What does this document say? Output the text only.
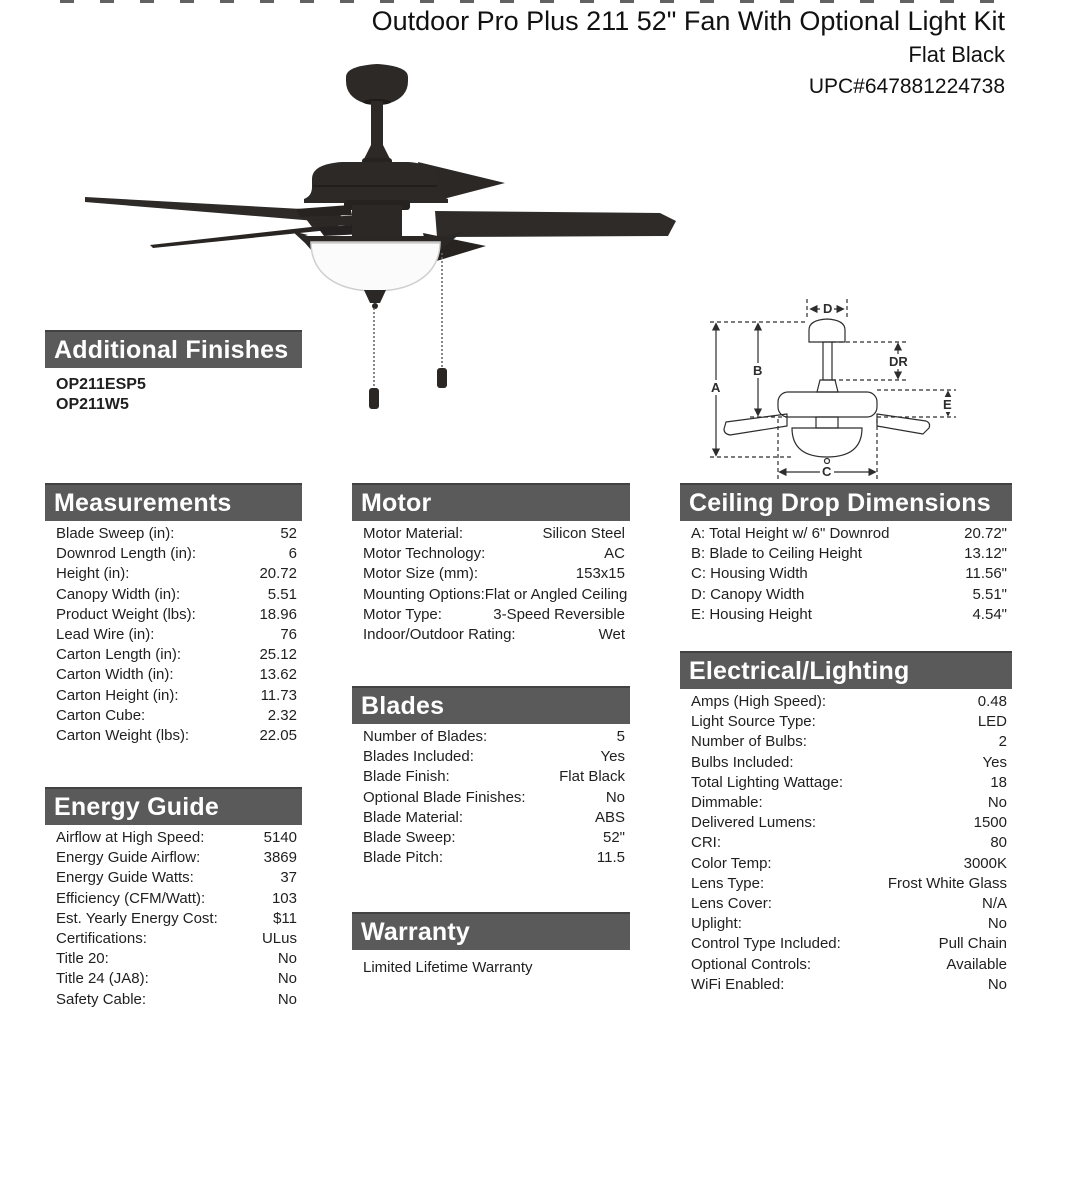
Outdoor Pro Plus 211 52" Fan With Optional Light Kit
Flat Black
UPC#647881224738
D
A
B
DR
E
C
Additional Finishes
OP211ESP5
OP211W5
Measurements
Blade Sweep (in):	52
Downrod Length (in):	6
Height (in):	20.72
Canopy Width (in):	5.51
Product Weight (lbs):	18.96
Lead Wire (in):	76
Carton Length (in):	25.12
Carton Width (in):	13.62
Carton Height (in):	11.73
Carton Cube:	2.32
Carton Weight (lbs):	22.05
Energy Guide
Airflow at High Speed:	5140
Energy Guide Airflow:	3869
Energy Guide Watts:	37
Efficiency (CFM/Watt):	103
Est. Yearly Energy Cost:	$11
Certifications:	ULus
Title 20:	No
Title 24 (JA8):	No
Safety Cable:	No
Motor
Motor Material:	Silicon Steel
Motor Technology:	AC
Motor Size (mm):	153x15
Mounting Options: Flat or Angled Ceiling
Motor Type:	3-Speed Reversible
Indoor/Outdoor Rating:	Wet
Blades
Number of Blades:	5
Blades Included:	Yes
Blade Finish:	Flat Black
Optional Blade Finishes:	No
Blade Material:	ABS
Blade Sweep:	52"
Blade Pitch:	11.5
Warranty
Limited Lifetime Warranty
Ceiling Drop Dimensions
A: Total Height w/ 6" Downrod	20.72"
B: Blade to Ceiling Height	13.12"
C: Housing Width	11.56"
D: Canopy Width	5.51"
E: Housing Height	4.54"
Electrical/Lighting
Amps (High Speed):	0.48
Light Source Type:	LED
Number of Bulbs:	2
Bulbs Included:	Yes
Total Lighting Wattage:	18
Dimmable:	No
Delivered Lumens:	1500
CRI:	80
Color Temp:	3000K
Lens Type:	Frost White Glass
Lens Cover:	N/A
Uplight:	No
Control Type Included:	Pull Chain
Optional Controls:	Available
WiFi Enabled:	No
